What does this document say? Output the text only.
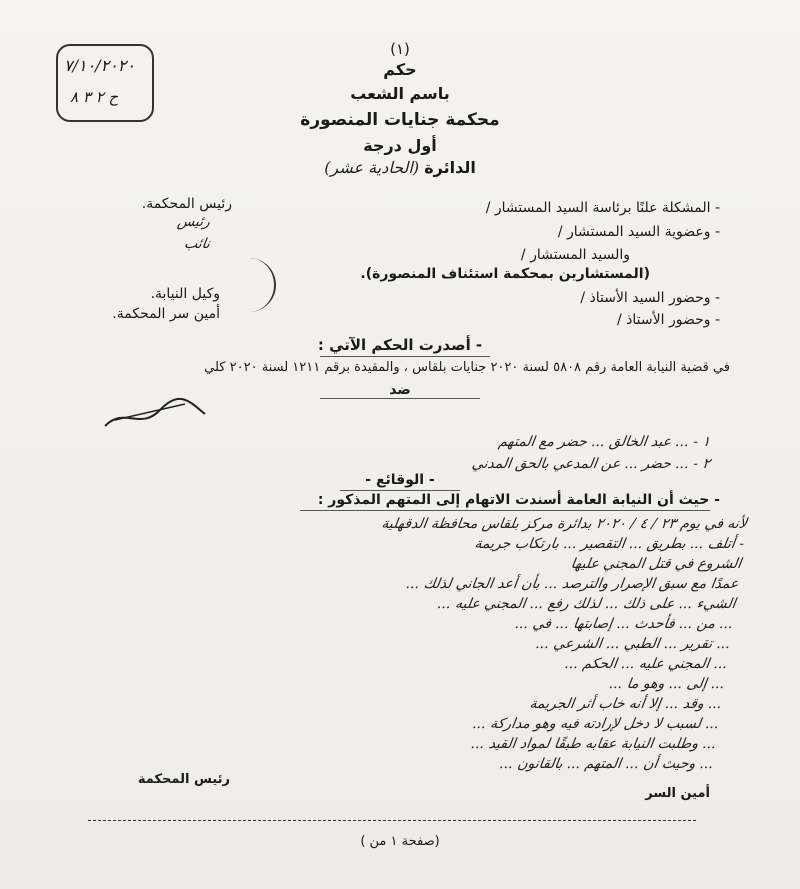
٧/١٠/٢٠٢٠
ح ٢ ٣ ٨
(١)
حكم
باسم الشعب
محكمة جنايات المنصورة
أول درجة
الدائرة (الحادية عشر)
- المشكلة علنًا برئاسة السيد المستشار /
- وعضوية السيد المستشار /
والسيد المستشار /
(المستشارين بمحكمة استئناف المنصورة).
- وحضور السيد الأستاذ /
- وحضور الأستاذ /
رئيس المحكمة.
رئيس
نائب
وكيل النيابة.
أمين سر المحكمة.
- أصدرت الحكم الآتي :
في قضية النيابة العامة رقم ٥٨٠٨ لسنة ٢٠٢٠ جنايات بلقاس ، والمقيدة برقم ١٢١١ لسنة ٢٠٢٠ كلي
ضد
١ - ... عبد الخالق ... حضر مع المتهم
٢ - ... حضر ... عن المدعي بالحق المدني
- الوقائع -
- حيث أن النيابة العامة أسندت الاتهام إلى المتهم المذكور :
لأنه في يوم ٢٣ / ٤ / ٢٠٢٠ بدائرة مركز بلقاس محافظة الدقهلية
- أتلف ... بطريق ... التقصير ... بارتكاب جريمة
الشروع في قتل المجني عليها
عمدًا مع سبق الإصرار والترصد ... بأن أعد الجاني لذلك ...
الشيء ... على ذلك ... لذلك رفع ... المجني عليه ...
... من ... فأحدث ... إصابتها ... في ...
... تقرير ... الطبي ... الشرعي ...
... المجني عليه ... الحكم ...
... إلى ... وهو ما ...
... وقد ... إلا أنه خاب أثر الجريمة
... لسبب لا دخل لإرادته فيه وهو مداركة ...
... وطلبت النيابة عقابه طبقًا لمواد القيد ...
... وحيث أن ... المتهم ... بالقانون ...
رئيس المحكمة
أمين السر
(صفحة ١ من )
